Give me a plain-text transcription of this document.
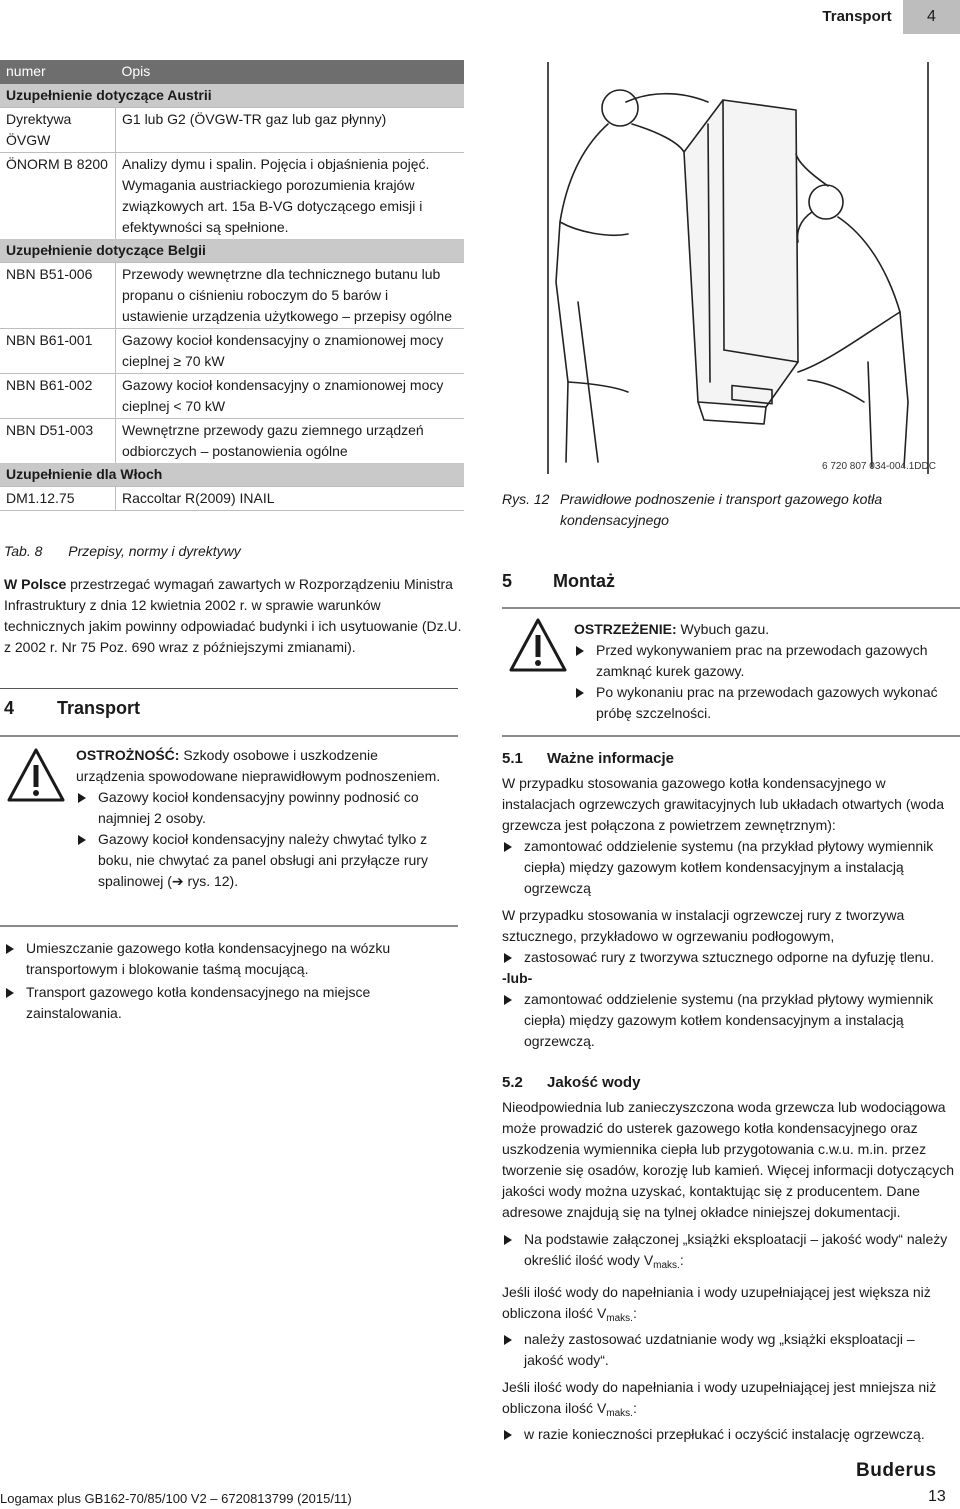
Transport	4
numer	Opis
Uzupełnienie dotyczące Austrii	
Dyrektywa ÖVGW	G1 lub G2 (ÖVGW-TR gaz lub gaz płynny)
ÖNORM B 8200	Analizy dymu i spalin. Pojęcia i objaśnienia pojęć. Wymagania austriackiego porozumienia krajów związkowych art. 15a B-VG dotyczącego emisji i efektywności są spełnione.
Uzupełnienie dotyczące Belgii	
NBN B51-006	Przewody wewnętrzne dla technicznego butanu lub propanu o ciśnieniu roboczym do 5 barów i ustawienie urządzenia użytkowego – przepisy ogólne
NBN B61-001	Gazowy kocioł kondensacyjny o znamionowej mocy cieplnej ≥ 70 kW
NBN B61-002	Gazowy kocioł kondensacyjny o znamionowej mocy cieplnej < 70 kW
NBN D51-003	Wewnętrzne przewody gazu ziemnego urządzeń odbiorczych – postanowienia ogólne
Uzupełnienie dla Włoch	
DM1.12.75	Raccoltar R(2009) INAIL
Tab. 8 Przepisy, normy i dyrektywy
W Polsce przestrzegać wymagań zawartych w Rozporządzeniu Ministra Infrastruktury z dnia 12 kwietnia 2002 r. w sprawie warunków technicznych jakim powinny odpowiadać budynki i ich usytuowanie (Dz.U. z 2002 r. Nr 75 Poz. 690 wraz z późniejszymi zmianami).
4 Transport
OSTROŻNOŚĆ: Szkody osobowe i uszkodzenie urządzenia spowodowane nieprawidłowym podnoszeniem.
Gazowy kocioł kondensacyjny powinny podnosić co najmniej 2 osoby.
Gazowy kocioł kondensacyjny należy chwytać tylko z boku, nie chwytać za panel obsługi ani przyłącze rury spalinowej (➔ rys. 12).
Umieszczanie gazowego kotła kondensacyjnego na wózku transportowym i blokowanie taśmą mocującą.
Transport gazowego kotła kondensacyjnego na miejsce zainstalowania.
6 720 807 034-004.1DDC
Rys. 12 Prawidłowe podnoszenie i transport gazowego kotła kondensacyjnego
5 Montaż
OSTRZEŻENIE: Wybuch gazu.
Przed wykonywaniem prac na przewodach gazowych zamknąć kurek gazowy.
Po wykonaniu prac na przewodach gazowych wykonać próbę szczelności.
5.1 Ważne informacje
W przypadku stosowania gazowego kotła kondensacyjnego w instalacjach ogrzewczych grawitacyjnych lub układach otwartych (woda grzewcza jest połączona z powietrzem zewnętrznym):
zamontować oddzielenie systemu (na przykład płytowy wymiennik ciepła) między gazowym kotłem kondensacyjnym a instalacją ogrzewczą
W przypadku stosowania w instalacji ogrzewczej rury z tworzywa sztucznego, przykładowo w ogrzewaniu podłogowym,
zastosować rury z tworzywa sztucznego odporne na dyfuzję tlenu.
-lub-
zamontować oddzielenie systemu (na przykład płytowy wymiennik ciepła) między gazowym kotłem kondensacyjnym a instalacją ogrzewczą.
5.2 Jakość wody
Nieodpowiednia lub zanieczyszczona woda grzewcza lub wodociągowa może prowadzić do usterek gazowego kotła kondensacyjnego oraz uszkodzenia wymiennika ciepła lub przygotowania c.w.u. m.in. przez tworzenie się osadów, korozję lub kamień. Więcej informacji dotyczących jakości wody można uzyskać, kontaktując się z producentem. Dane adresowe znajdują się na tylnej okładce niniejszej dokumentacji.
Na podstawie załączonej „książki eksploatacji – jakość wody“ należy określić ilość wody $V_{maks.}$:
Jeśli ilość wody do napełniania i wody uzupełniającej jest większa niż obliczona ilość $V_{maks.}$:
należy zastosować uzdatnianie wody wg „książki eksploatacji – jakość wody“.
Jeśli ilość wody do napełniania i wody uzupełniającej jest mniejsza niż obliczona ilość $V_{maks.}$:
w razie konieczności przepłukać i oczyścić instalację ogrzewczą.
Buderus
Logamax plus GB162-70/85/100 V2 – 6720813799 (2015/11)	13
